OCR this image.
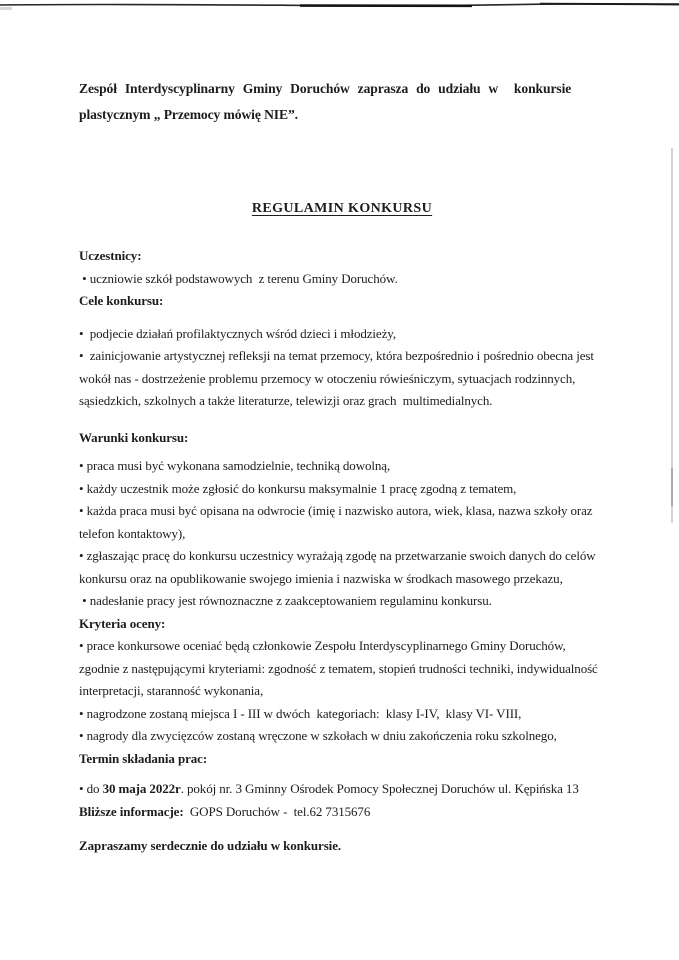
Zespół Interdyscyplinarny Gminy Doruchów zaprasza do udziału w  konkursie
plastycznym „ Przemocy mówię NIE”.
REGULAMIN KONKURSU
Uczestnicy:
• uczniowie szkół podstawowych  z terenu Gminy Doruchów.
Cele konkursu:
•  podjecie działań profilaktycznych wśród dzieci i młodzieży,
•  zainicjowanie artystycznej refleksji na temat przemocy, która bezpośrednio i pośrednio obecna jest wokół nas - dostrzeżenie problemu przemocy w otoczeniu rówieśniczym, sytuacjach rodzinnych, sąsiedzkich, szkolnych a także literaturze, telewizji oraz grach  multimedialnych.
Warunki konkursu:
• praca musi być wykonana samodzielnie, techniką dowolną,
• każdy uczestnik może zgłosić do konkursu maksymalnie 1 pracę zgodną z tematem,
• każda praca musi być opisana na odwrocie (imię i nazwisko autora, wiek, klasa, nazwa szkoły oraz telefon kontaktowy),
• zgłaszając pracę do konkursu uczestnicy wyrażają zgodę na przetwarzanie swoich danych do celów konkursu oraz na opublikowanie swojego imienia i nazwiska w środkach masowego przekazu,
• nadesłanie pracy jest równoznaczne z zaakceptowaniem regulaminu konkursu.
Kryteria oceny:
• prace konkursowe oceniać będą członkowie Zespołu Interdyscyplinarnego Gminy Doruchów, zgodnie z następującymi kryteriami: zgodność z tematem, stopień trudności techniki, indywidualność interpretacji, staranność wykonania,
• nagrodzone zostaną miejsca I - III w dwóch  kategoriach:  klasy I-IV,  klasy VI- VIII,
• nagrody dla zwycięzców zostaną wręczone w szkołach w dniu zakończenia roku szkolnego,
Termin składania prac:
• do 30 maja 2022r. pokój nr. 3 Gminny Ośrodek Pomocy Społecznej Doruchów ul. Kępińska 13
Bliższe informacje:  GOPS Doruchów -  tel.62 7315676
Zapraszamy serdecznie do udziału w konkursie.
